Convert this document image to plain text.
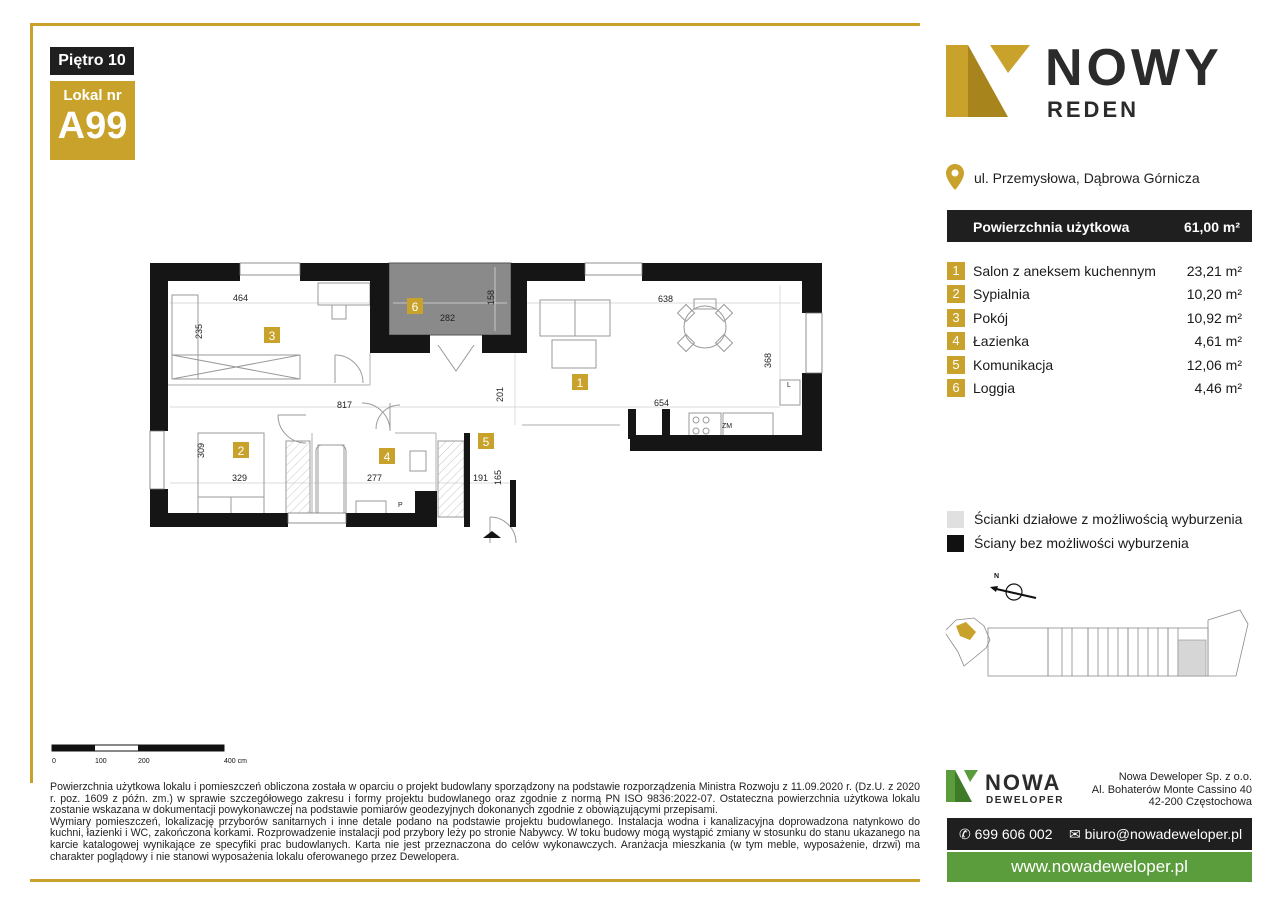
Piętro 10
Lokal nr
A99
3
6
1
2	4
5
464
235
282
158	638
368
817
201
654
309
329	277	191 165
L
ZM
P
0	100	200	400 cm

Powierzchnia użytkowa lokalu i pomieszczeń obliczona została w oparciu o projekt budowlany sporządzony na podstawie rozporządzenia Ministra Rozwoju z 11.09.2020 r. (Dz.U. z 2020 r. poz. 1609 z późn. zm.) w sprawie szczegółowego zakresu i formy projektu budowlanego oraz zgodnie z normą PN ISO 9836:2022-07. Ostateczna powierzchnia użytkowa lokalu zostanie wskazana w dokumentacji powykonawczej na podstawie pomiarów geodezyjnych dokonanych zgodnie z obowiązującymi przepisami.

Wymiary pomieszczeń, lokalizację przyborów sanitarnych i inne detale podano na podstawie projektu budowlanego. Instalacja wodna i kanalizacyjna doprowadzona natynkowo do kuchni, łazienki i WC, zakończona korkami. Rozprowadzenie instalacji pod przybory leży po stronie Nabywcy. W toku budowy mogą wystąpić zmiany w stosunku do stanu ukazanego na karcie katalogowej wynikające ze specyfiki prac budowlanych. Karta nie jest przeznaczona do celów wykonawczych. Aranżacja mieszkania (w tym meble, wyposażenie, drzwi) ma charakter poglądowy i nie stanowi wyposażenia lokalu oferowanego przez Dewelopera.

NOWY
REDEN
ul. Przemysłowa, Dąbrowa Górnicza
Powierzchnia użytkowa	61,00 m²
1 Salon z aneksem kuchennym 23,21 m²
2 Sypialnia	10,20 m²
3 Pokój	10,92 m²
4 Łazienka	4,61 m²
5 Komunikacja	12,06 m²
6 Loggia	4,46 m²
Ścianki działowe z możliwością wyburzenia
Ściany bez możliwości wyburzenia
N
NOWA
DEWELOPER
Nowa Deweloper Sp. z o.o.
Al. Bohaterów Monte Cassino 40
42-200 Częstochowa
✆ 699 606 002 ✉ biuro@nowadeweloper.pl
www.nowadeweloper.pl
